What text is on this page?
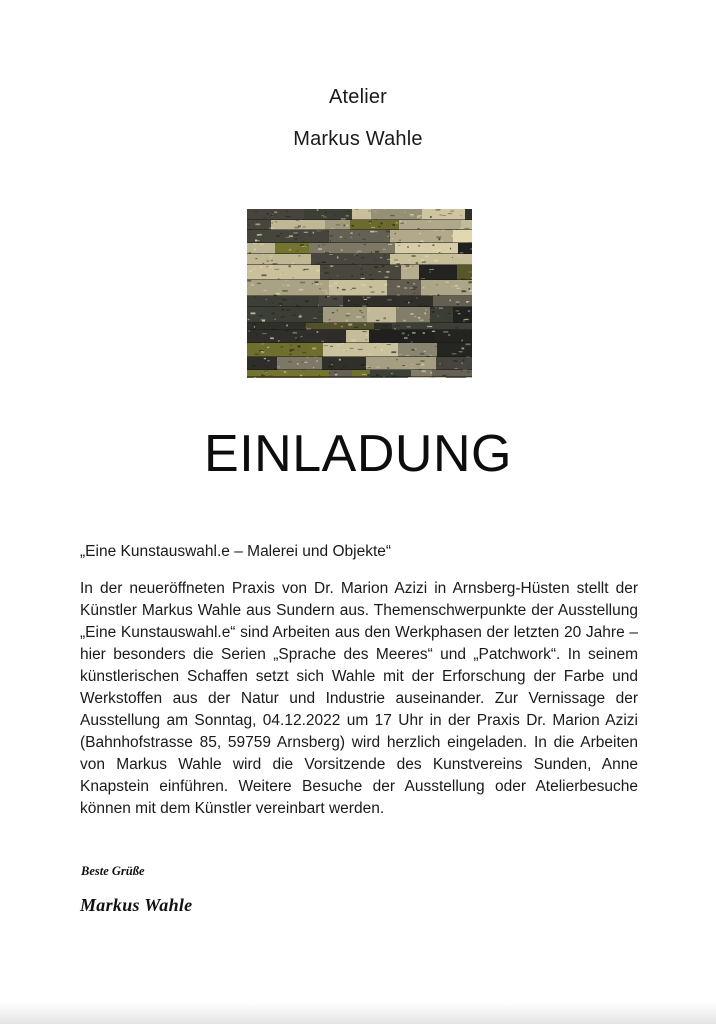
Atelier
Markus Wahle
EINLADUNG
„Eine Kunstauswahl.e – Malerei und Objekte“

In der neueröffneten Praxis von Dr. Marion Azizi in Arnsberg-Hüsten stellt der Künstler Markus Wahle aus Sundern aus. Themenschwerpunkte der Ausstellung „Eine Kunstauswahl.e“ sind Arbeiten aus den Werkphasen der letzten 20 Jahre – hier besonders die Serien „Sprache des Meeres“ und „Patchwork“. In seinem künstlerischen Schaffen setzt sich Wahle mit der Erforschung der Farbe und Werkstoffen aus der Natur und Industrie auseinander. Zur Vernissage der Ausstellung am Sonntag, 04.12.2022 um 17 Uhr in der Praxis Dr. Marion Azizi (Bahnhofstrasse 85, 59759 Arnsberg) wird herzlich eingeladen. In die Arbeiten von Markus Wahle wird die Vorsitzende des Kunstvereins Sunden, Anne Knapstein einführen. Weitere Besuche der Ausstellung oder Atelierbesuche können mit dem Künstler vereinbart werden.

Beste Grüße
Markus Wahle
